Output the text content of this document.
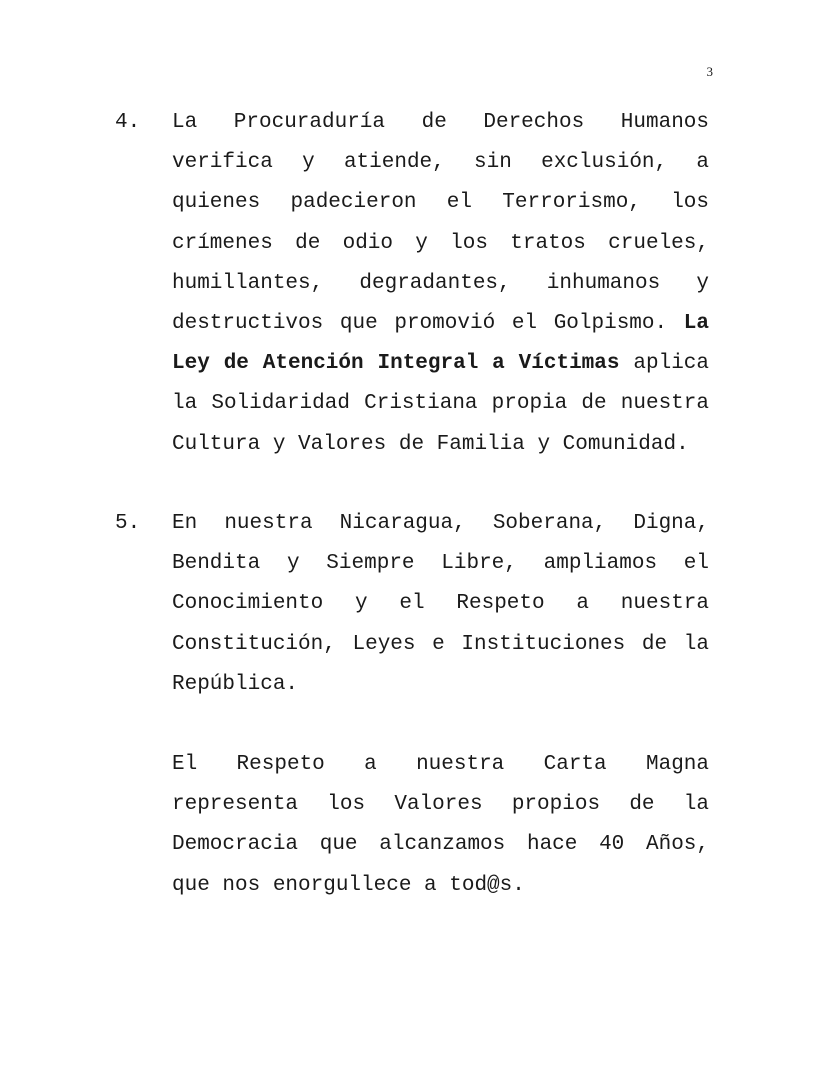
3
4. La Procuraduría de Derechos Humanos verifica y atiende, sin exclusión, a quienes padecieron el Terrorismo, los crímenes de odio y los tratos crueles, humillantes, degradantes, inhumanos y destructivos que promovió el Golpismo. La Ley de Atención Integral a Víctimas aplica la Solidaridad Cristiana propia de nuestra Cultura y Valores de Familia y Comunidad.

5. En nuestra Nicaragua, Soberana, Digna, Bendita y Siempre Libre, ampliamos el Conocimiento y el Respeto a nuestra Constitución, Leyes e Instituciones de la República.

El Respeto a nuestra Carta Magna representa los Valores propios de la Democracia que alcanzamos hace 40 Años, que nos enorgullece a tod@s.
